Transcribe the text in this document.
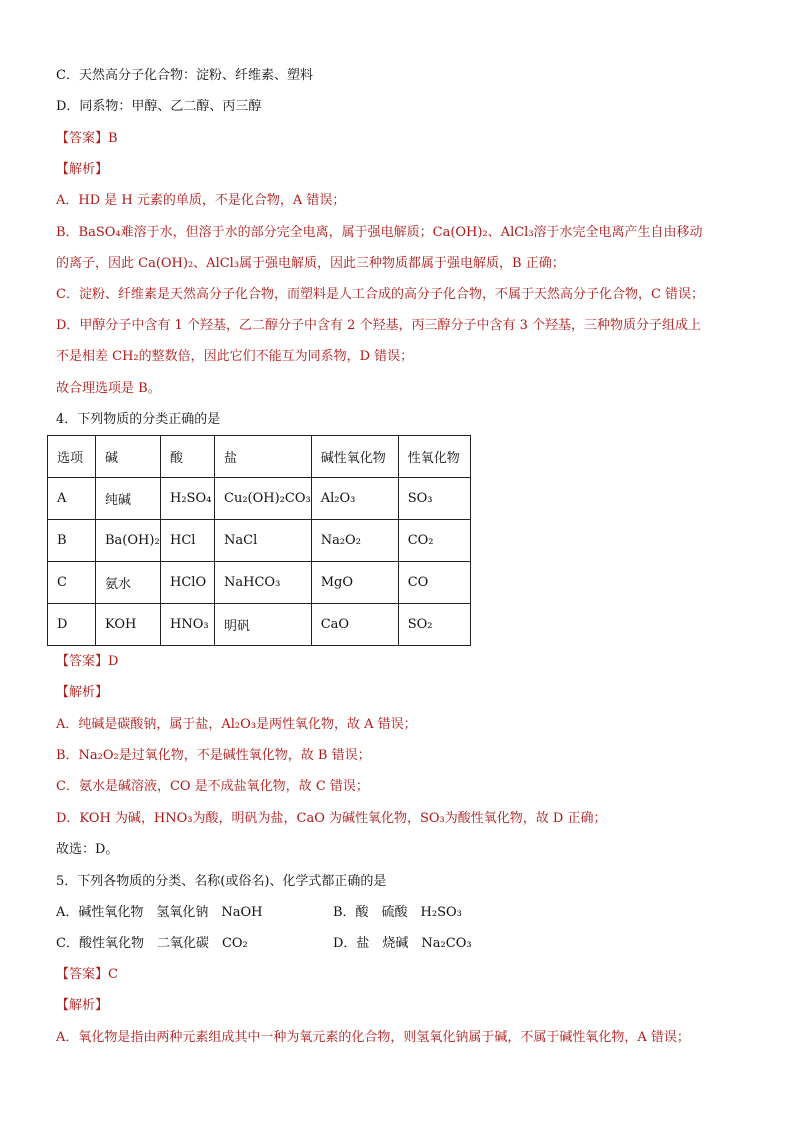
C．天然高分子化合物：淀粉、纤维素、塑料
D．同系物：甲醇、乙二醇、丙三醇
【答案】B
【解析】
A．HD 是 H 元素的单质，不是化合物，A 错误；
B．BaSO₄难溶于水，但溶于水的部分完全电离，属于强电解质；Ca(OH)₂、AlCl₃溶于水完全电离产生自由移动
的离子，因此 Ca(OH)₂、AlCl₃属于强电解质，因此三种物质都属于强电解质，B 正确；
C．淀粉、纤维素是天然高分子化合物，而塑料是人工合成的高分子化合物，不属于天然高分子化合物，C 错误；
D．甲醇分子中含有 1 个羟基，乙二醇分子中含有 2 个羟基，丙三醇分子中含有 3 个羟基，三种物质分子组成上
不是相差 CH₂的整数倍，因此它们不能互为同系物，D 错误；
故合理选项是 B。
4．下列物质的分类正确的是
选项	碱	酸	盐	碱性氧化物	性氧化物
A	纯碱	H₂SO₄	Cu₂(OH)₂CO₃	Al₂O₃	SO₃
B	Ba(OH)₂	HCl	NaCl	Na₂O₂	CO₂
C	氨水	HClO	NaHCO₃	MgO	CO
D	KOH	HNO₃	明矾	CaO	SO₂
【答案】D
【解析】
A．纯碱是碳酸钠，属于盐，Al₂O₃是两性氧化物，故 A 错误；
B．Na₂O₂是过氧化物，不是碱性氧化物，故 B 错误；
C．氨水是碱溶液，CO 是不成盐氧化物，故 C 错误；
D．KOH 为碱，HNO₃为酸，明矾为盐，CaO 为碱性氧化物，SO₃为酸性氧化物，故 D 正确；
故选：D。
5．下列各物质的分类、名称(或俗名)、化学式都正确的是
A．碱性氧化物　氢氧化钠　NaOH	B．酸　硫酸　H₂SO₃
C．酸性氧化物　二氧化碳　CO₂	D．盐　烧碱　Na₂CO₃
【答案】C
【解析】
A．氧化物是指由两种元素组成其中一种为氧元素的化合物，则氢氧化钠属于碱，不属于碱性氧化物，A 错误；
